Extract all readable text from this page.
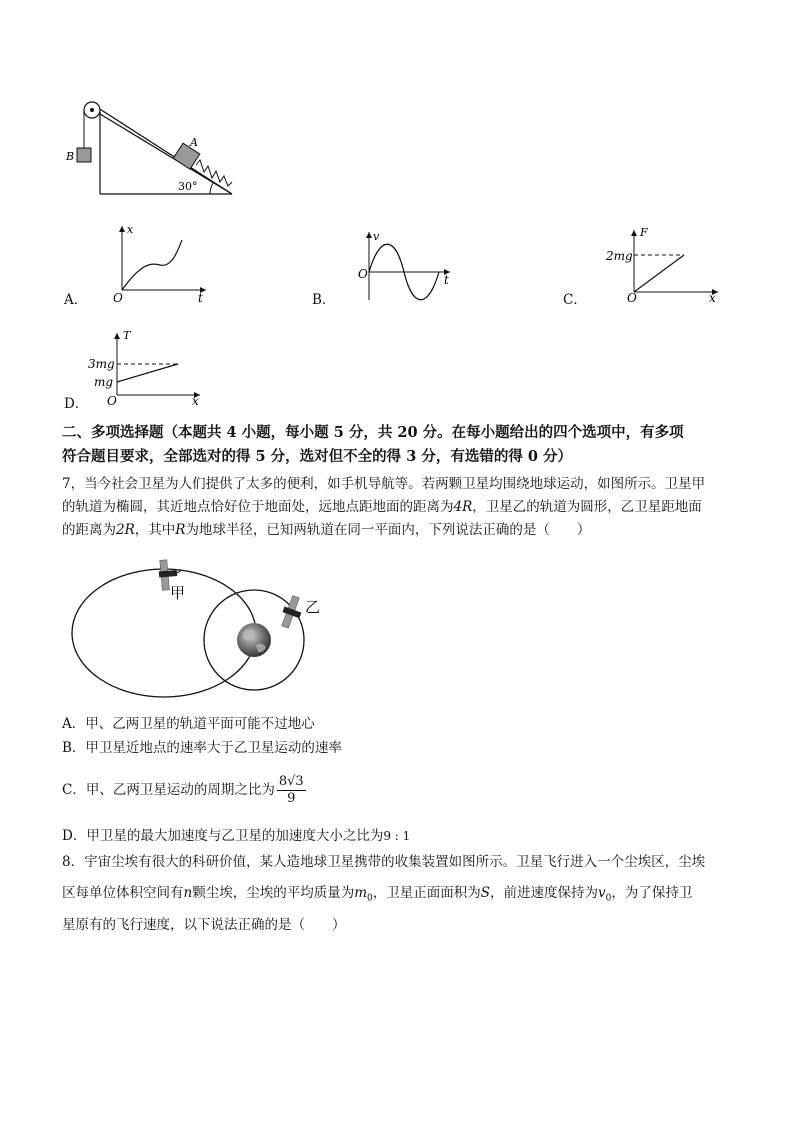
A
B
30°
A．
x
t
O	B．
v
t
O
C．
F
x
O
2mg
D．
T
x
O
3mg
mg
二、多项选择题（本题共 4 小题，每小题 5 分，共 20 分。在每小题给出的四个选项中，有多项
符合题目要求，全部选对的得 5 分，选对但不全的得 3 分，有选错的得 0 分）
7，当今社会卫星为人们提供了太多的便利，如手机导航等。若两颗卫星均围绕地球运动，如图所示。卫星甲
的轨道为椭圆，其近地点恰好位于地面处，远地点距地面的距离为4R，卫星乙的轨道为圆形，乙卫星距地面
的距离为2R，其中R为地球半径，已知两轨道在同一平面内，下列说法正确的是（　　）
甲
乙
A．甲、乙两卫星的轨道平面可能不过地心
B．甲卫星近地点的速率大于乙卫星运动的速率
C．甲、乙两卫星运动的周期之比为 $\frac{8√3}{9}$
D．甲卫星的最大加速度与乙卫星的加速度大小之比为9 : 1
8．宇宙尘埃有很大的科研价值，某人造地球卫星携带的收集装置如图所示。卫星飞行进入一个尘埃区，尘埃
区每单位体积空间有n颗尘埃，尘埃的平均质量为$m_0$，卫星正面面积为S，前进速度保持为$v_0$，为了保持卫
星原有的飞行速度，以下说法正确的是（　　）
